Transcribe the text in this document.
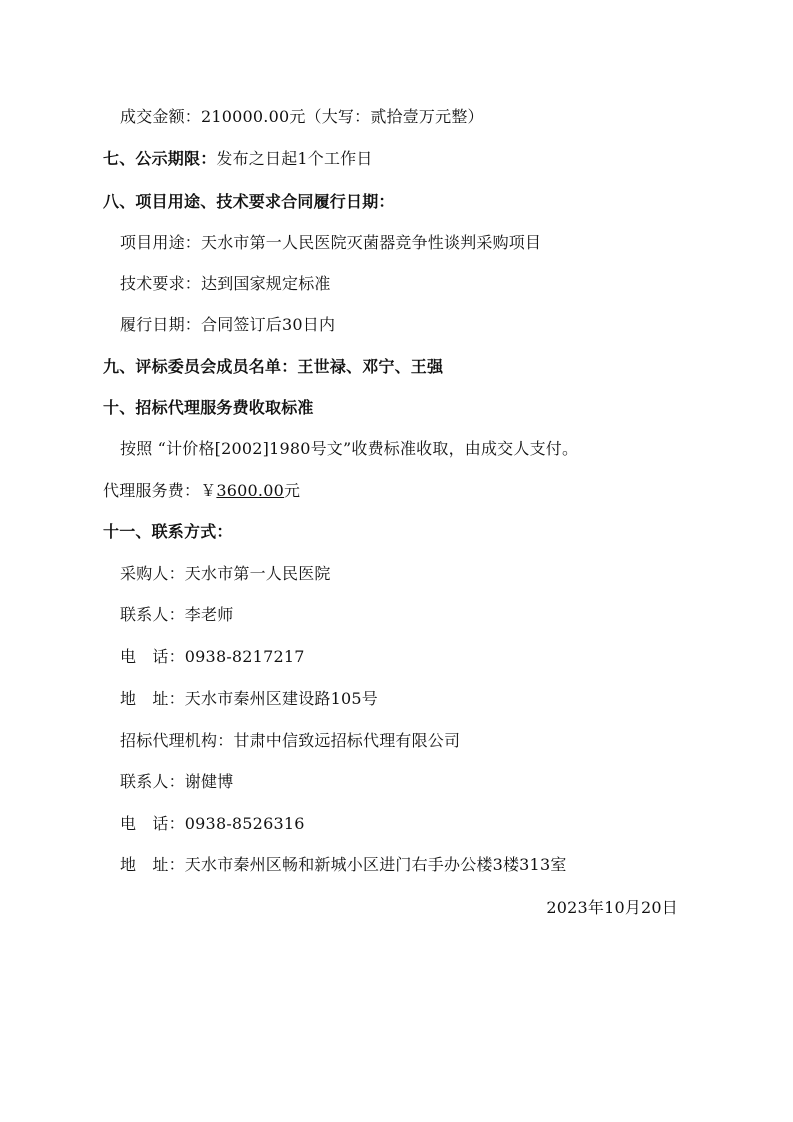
成交金额：210000.00元（大写：贰拾壹万元整）
七、公示期限：发布之日起1个工作日
八、项目用途、技术要求合同履行日期：
项目用途：天水市第一人民医院灭菌器竞争性谈判采购项目
技术要求：达到国家规定标准
履行日期：合同签订后30日内
九、评标委员会成员名单：王世禄、邓宁、王强
十、招标代理服务费收取标准
按照 “计价格[2002]1980号文”收费标准收取，由成交人支付。
代理服务费：￥3600.00元
十一、联系方式：
采购人：天水市第一人民医院
联系人：李老师
电　话：0938-8217217
地　址：天水市秦州区建设路105号
招标代理机构：甘肃中信致远招标代理有限公司
联系人：谢健博
电　话：0938-8526316
地　址：天水市秦州区畅和新城小区进门右手办公楼3楼313室
2023年10月20日
